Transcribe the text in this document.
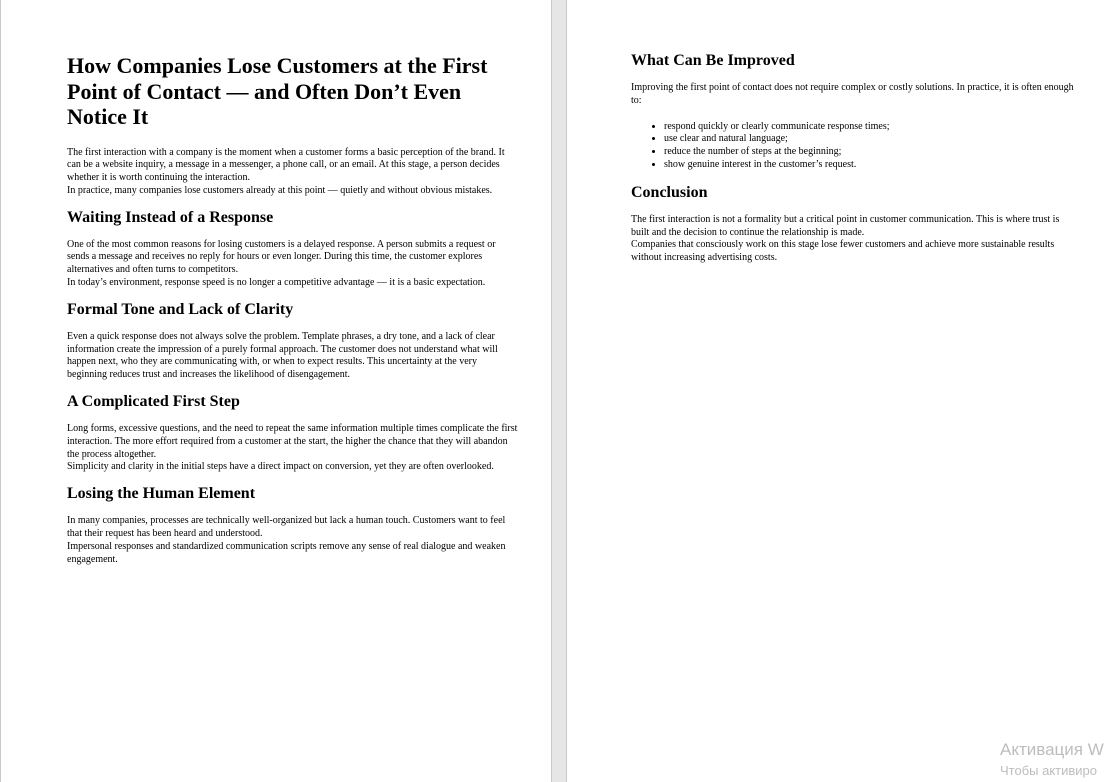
How Companies Lose Customers at the First Point of Contact — and Often Don’t Even Notice It

The first interaction with a company is the moment when a customer forms a basic perception of the brand. It can be a website inquiry, a message in a messenger, a phone call, or an email. At this stage, a person decides whether it is worth continuing the interaction.

In practice, many companies lose customers already at this point — quietly and without obvious mistakes.

Waiting Instead of a Response

One of the most common reasons for losing customers is a delayed response. A person submits a request or sends a message and receives no reply for hours or even longer. During this time, the customer explores alternatives and often turns to competitors.

In today’s environment, response speed is no longer a competitive advantage — it is a basic expectation.

Formal Tone and Lack of Clarity

Even a quick response does not always solve the problem. Template phrases, a dry tone, and a lack of clear information create the impression of a purely formal approach. The customer does not understand what will happen next, who they are communicating with, or when to expect results. This uncertainty at the very beginning reduces trust and increases the likelihood of disengagement.

A Complicated First Step

Long forms, excessive questions, and the need to repeat the same information multiple times complicate the first interaction. The more effort required from a customer at the start, the higher the chance that they will abandon the process altogether.

Simplicity and clarity in the initial steps have a direct impact on conversion, yet they are often overlooked.

Losing the Human Element

In many companies, processes are technically well-organized but lack a human touch. Customers want to feel that their request has been heard and understood.

Impersonal responses and standardized communication scripts remove any sense of real dialogue and weaken engagement.

What Can Be Improved

Improving the first point of contact does not require complex or costly solutions. In practice, it is often enough to:

• respond quickly or clearly communicate response times;
• use clear and natural language;
• reduce the number of steps at the beginning;
• show genuine interest in the customer’s request.
Conclusion

The first interaction is not a formality but a critical point in customer communication. This is where trust is built and the decision to continue the relationship is made.

Companies that consciously work on this stage lose fewer customers and achieve more sustainable results without increasing advertising costs.

Активация W
Чтобы активиро
